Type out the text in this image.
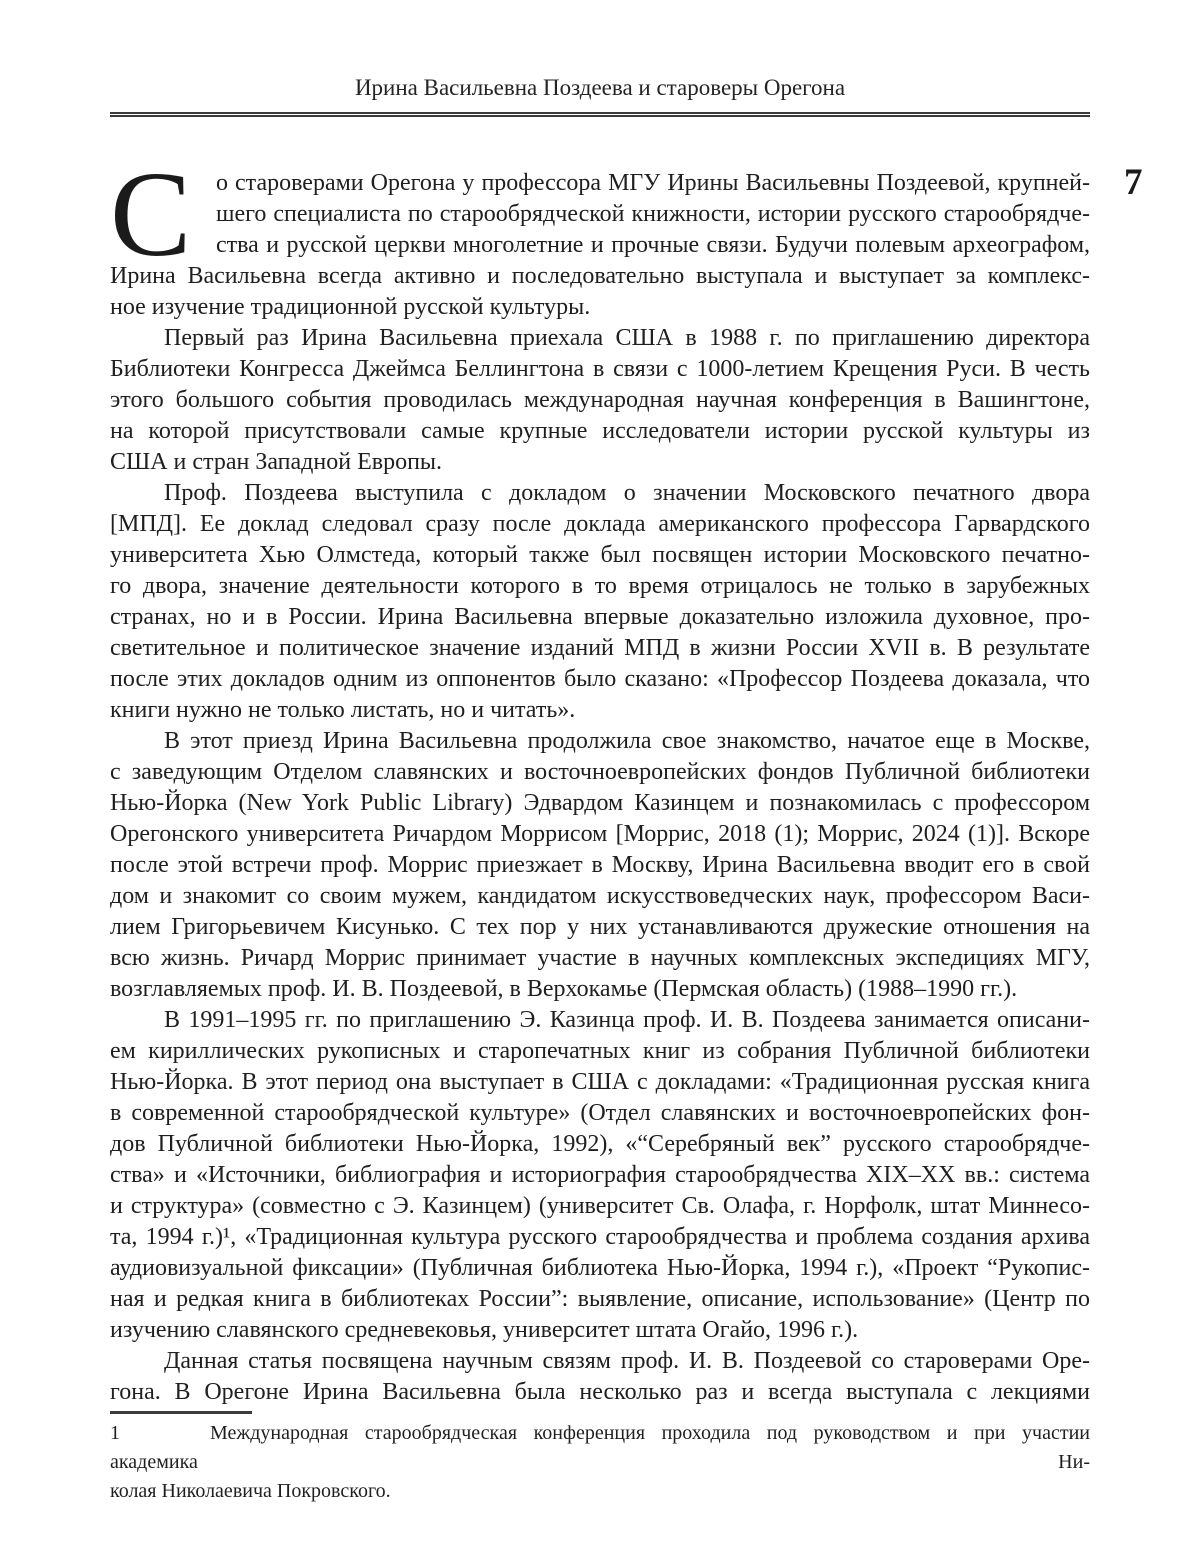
Ирина Васильевна Поздеева и староверы Орегона
7
С	о староверами Орегона у профессора МГУ Ирины Васильевны Поздеевой, крупней-
шего специалиста по старообрядческой книжности, истории русского старообрядче-
ства и русской церкви многолетние и прочные связи. Будучи полевым археографом,
Ирина Васильевна всегда активно и последовательно выступала и выступает за комплекс-
ное изучение традиционной русской культуры.
Первый раз Ирина Васильевна приехала США в 1988 г. по приглашению директора
Библиотеки Конгресса Джеймса Беллингтона в связи с 1000-летием Крещения Руси. В честь
этого большого события проводилась международная научная конференция в Вашингтоне,
на которой присутствовали самые крупные исследователи истории русской культуры из
США и стран Западной Европы.
Проф. Поздеева выступила с докладом о значении Московского печатного двора
[МПД]. Ее доклад следовал сразу после доклада американского профессора Гарвардского
университета Хью Олмстеда, который также был посвящен истории Московского печатно-
го двора, значение деятельности которого в то время отрицалось не только в зарубежных
странах, но и в России. Ирина Васильевна впервые доказательно изложила духовное, про-
светительное и политическое значение изданий МПД в жизни России XVII в. В результате
после этих докладов одним из оппонентов было сказано: «Профессор Поздеева доказала, что
книги нужно не только листать, но и читать».
В этот приезд Ирина Васильевна продолжила свое знакомство, начатое еще в Москве,
с заведующим Отделом славянских и восточноевропейских фондов Публичной библиотеки
Нью-Йорка (New York Public Library) Эдвардом Казинцем и познакомилась с профессором
Орегонского университета Ричардом Моррисом [Моррис, 2018 (1); Моррис, 2024 (1)]. Вскоре
после этой встречи проф. Моррис приезжает в Москву, Ирина Васильевна вводит его в свой
дом и знакомит со своим мужем, кандидатом искусствоведческих наук, профессором Васи-
лием Григорьевичем Кисунько. С тех пор у них устанавливаются дружеские отношения на
всю жизнь. Ричард Моррис принимает участие в научных комплексных экспедициях МГУ,
возглавляемых проф. И. В. Поздеевой, в Верхокамье (Пермская область) (1988–1990 гг.).
В 1991–1995 гг. по приглашению Э. Казинца проф. И. В. Поздеева занимается описани-
ем кириллических рукописных и старопечатных книг из собрания Публичной библиотеки
Нью-Йорка. В этот период она выступает в США с докладами: «Традиционная русская книга
в современной старообрядческой культуре» (Отдел славянских и восточноевропейских фон-
дов Публичной библиотеки Нью-Йорка, 1992), «“Серебряный век” русского старообрядче-
ства» и «Источники, библиография и историография старообрядчества XIX–XX вв.: система
и структура» (совместно с Э. Казинцем) (университет Св. Олафа, г. Норфолк, штат Миннесо-
та, 1994 г.)¹, «Традиционная культура русского старообрядчества и проблема создания архива
аудиовизуальной фиксации» (Публичная библиотека Нью-Йорка, 1994 г.), «Проект “Рукопис-
ная и редкая книга в библиотеках России”: выявление, описание, использование» (Центр по
изучению славянского средневековья, университет штата Огайо, 1996 г.).
Данная статья посвящена научным связям проф. И. В. Поздеевой со староверами Оре-
гона. В Орегоне Ирина Васильевна была несколько раз и всегда выступала с лекциями
1	Международная старообрядческая конференция проходила под руководством и при участии академика Ни-
колая Николаевича Покровского.
